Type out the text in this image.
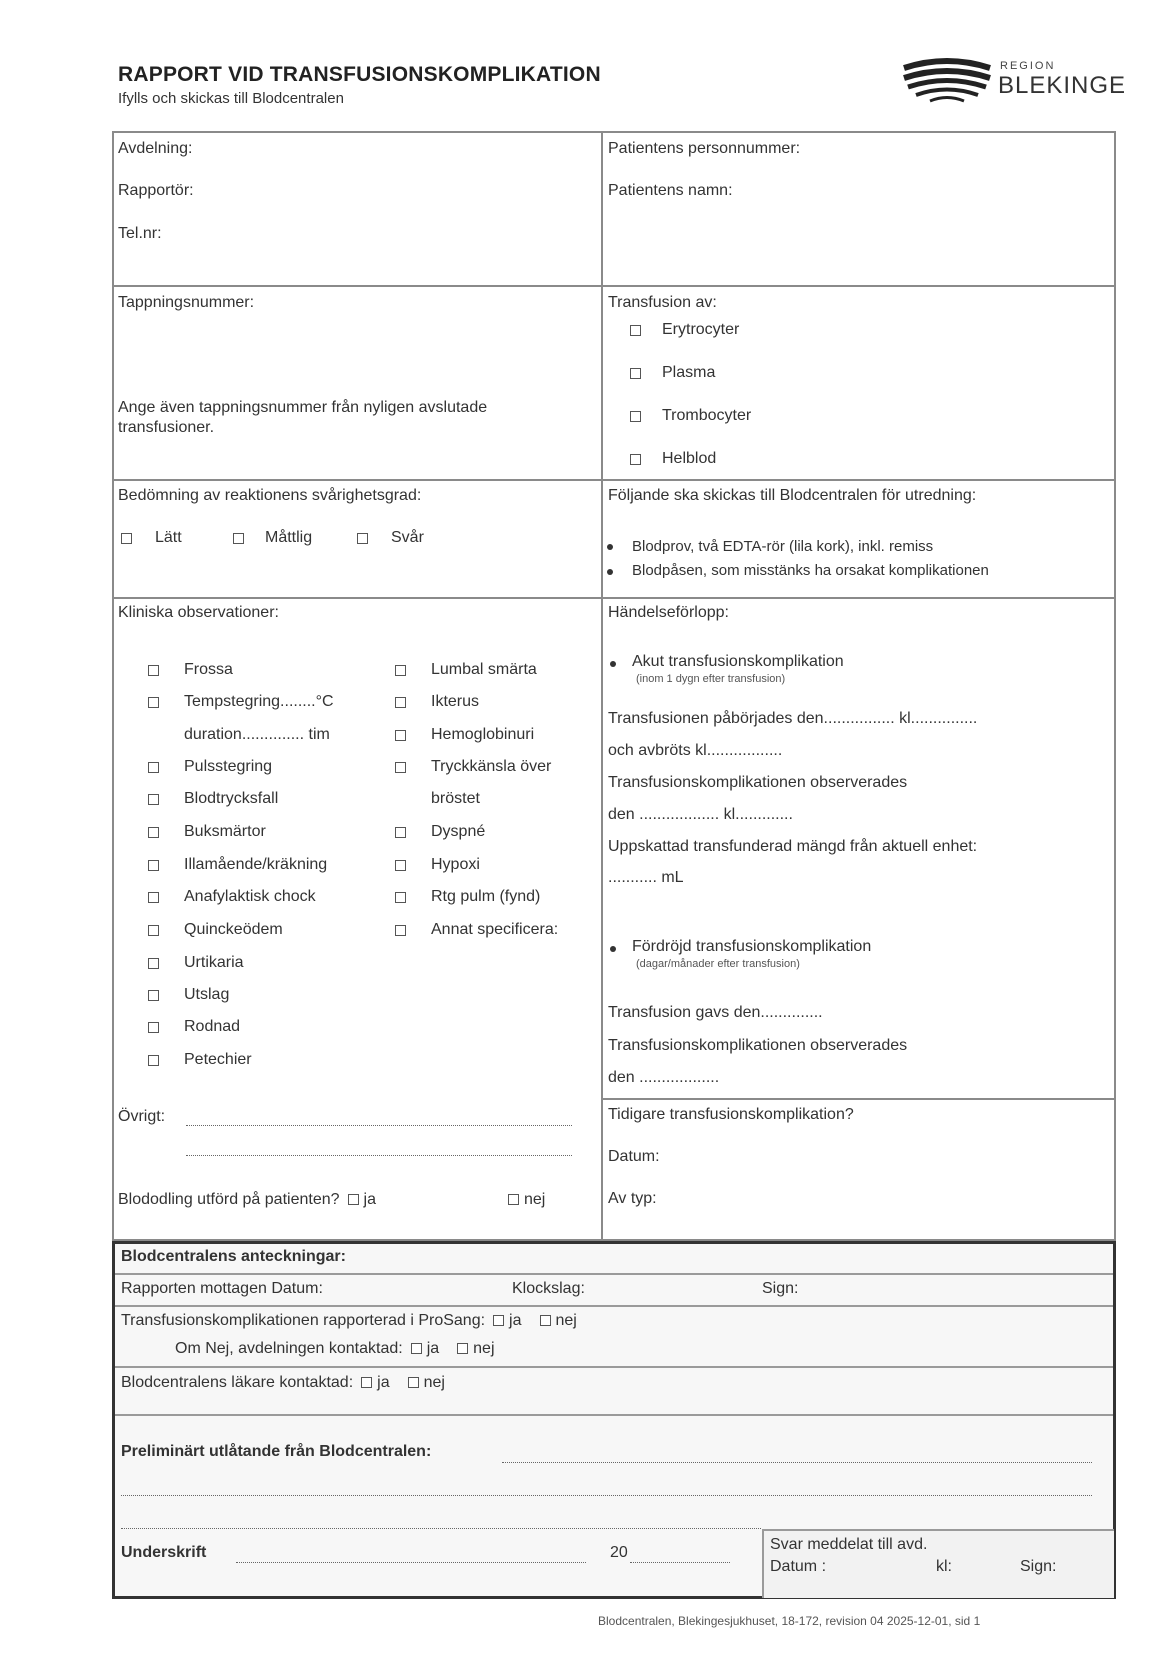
RAPPORT VID TRANSFUSIONSKOMPLIKATION
Ifylls och skickas till Blodcentralen
REGION
BLEKINGE
Avdelning:
Rapportör:
Tel.nr:
Patientens personnummer:
Patientens namn:
Tappningsnummer:
Ange även tappningsnummer från nyligen avslutade
transfusioner.
Transfusion av:
Erytrocyter
Plasma
Trombocyter
Helblod
Bedömning av reaktionens svårighetsgrad:
Lätt	Måttlig	Svår
Följande ska skickas till Blodcentralen för utredning:
Blodprov, två EDTA-rör (lila kork), inkl. remiss
Blodpåsen, som misstänks ha orsakat komplikationen
Kliniska observationer:
Frossa
Tempstegring........°C
duration.............. tim
Pulsstegring
Blodtrycksfall
Buksmärtor
Illamående/kräkning
Anafylaktisk chock
Quinckeödem
Urtikaria
Utslag
Rodnad
Petechier
Lumbal smärta
Ikterus
Hemoglobinuri
Tryckkänsla över
bröstet
Dyspné
Hypoxi
Rtg pulm (fynd)
Annat specificera:
Övrigt:
Blododling utförd på patienten? ja	nej
Händelseförlopp:
Akut transfusionskomplikation
(inom 1 dygn efter transfusion)
Transfusionen påbörjades den................ kl...............
och avbröts kl.................
Transfusionskomplikationen observerades
den .................. kl.............
Uppskattad transfunderad mängd från aktuell enhet:
........... mL
Fördröjd transfusionskomplikation
(dagar/månader efter transfusion)
Transfusion gavs den..............
Transfusionskomplikationen observerades
den ..................
Tidigare transfusionskomplikation?
Datum:
Av typ:
Blodcentralens anteckningar:
Rapporten mottagen Datum:	Klockslag:	Sign:
Transfusionskomplikationen rapporterad i ProSang: ja nej
Om Nej, avdelningen kontaktad: ja nej
Blodcentralens läkare kontaktad: ja nej
Preliminärt utlåtande från Blodcentralen:
Underskrift	20	Svar meddelat till avd.
Datum :	kl:	Sign:
Blodcentralen, Blekingesjukhuset, 18-172, revision 04 2025-12-01, sid 1
